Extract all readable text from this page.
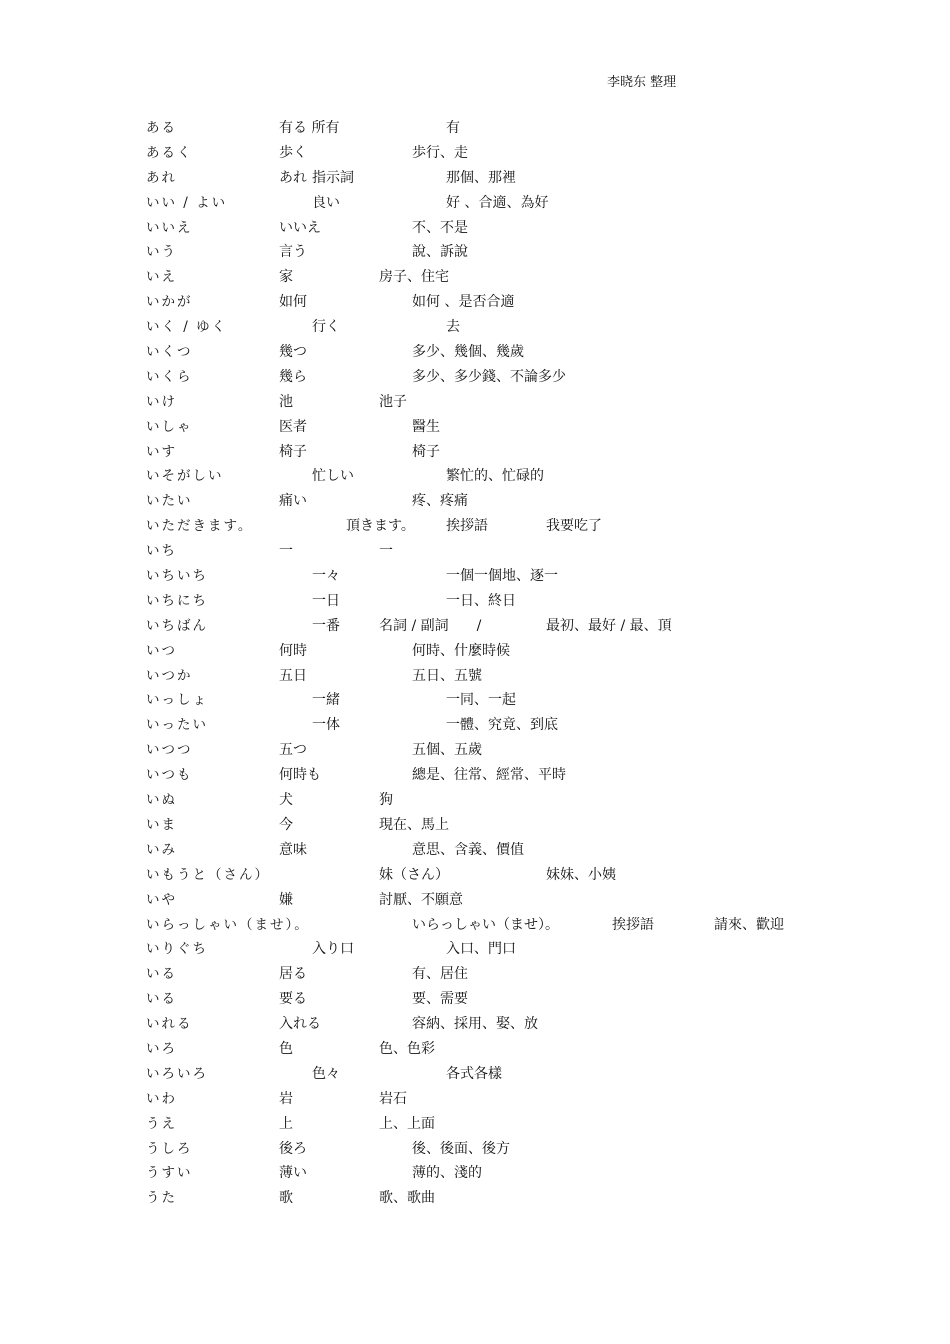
李晓东 整理
ある	有る 所有	有
あるく	歩く	歩行、走
あれ	あれ 指示詞	那個、那裡
いい / よい	良い	好 、合適、為好
いいえ	いいえ	不、不是
いう	言う	說、訴說
いえ	家	房子、住宅
いかが	如何	如何 、是否合適
いく / ゆく	行く	去
いくつ	幾つ	多少、幾個、幾歲
いくら	幾ら	多少、多少錢、不論多少
いけ	池	池子
いしゃ	医者	醫生
いす	椅子	椅子
いそがしい	忙しい	繁忙的、忙碌的
いたい	痛い	疼、疼痛
いただきます。	頂きます。 挨拶語	我要吃了
いち	一	一
いちいち	一々	一個一個地、逐一
いちにち	一日	一日、終日
いちばん	一番	名詞 / 副詞　　/	最初、最好 / 最、頂
いつ	何時	何時、什麼時候
いつか	五日	五日、五號
いっしょ	一緒	一同、一起
いったい	一体	一體、究竟、到底
いつつ	五つ	五個、五歲
いつも	何時も	總是、往常、經常、平時
いぬ	犬	狗
いま	今	現在、馬上
いみ	意味	意思、含義、價值
いもうと（さん）	妹（さん）	妹妹、小姨
いや	嫌	討厭、不願意
いらっしゃい（ませ）。	いらっしゃい（ませ）。	挨拶語	請來、歡迎
いりぐち	入り口	入口、門口
いる	居る	有、居住
いる	要る	要、需要
いれる	入れる	容納、採用、娶、放
いろ	色	色、色彩
いろいろ	色々	各式各樣
いわ	岩	岩石
うえ	上	上、上面
うしろ	後ろ	後、後面、後方
うすい	薄い	薄的、淺的
うた	歌	歌、歌曲
